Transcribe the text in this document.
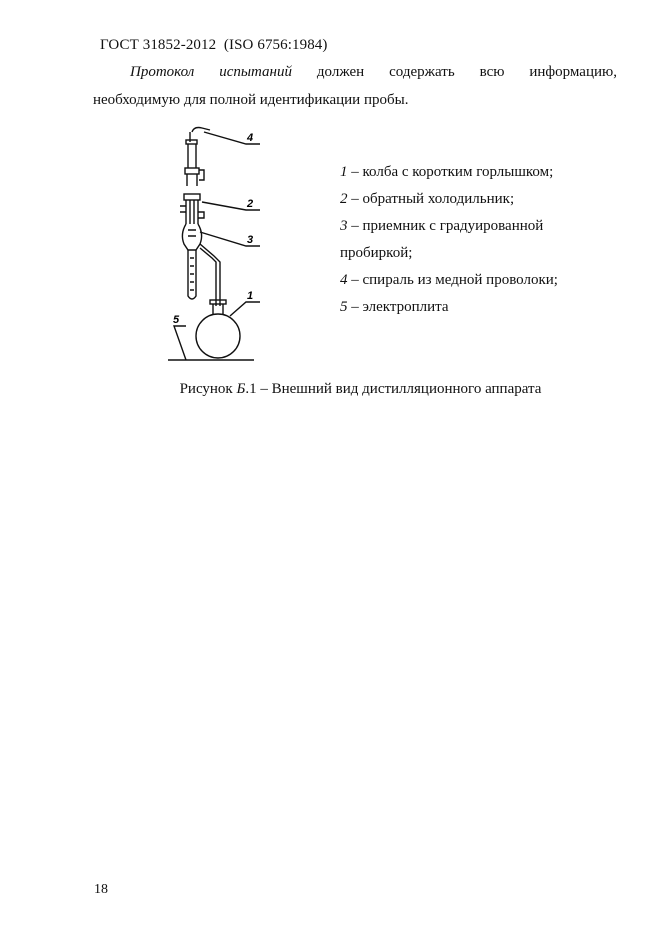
ГОСТ 31852-2012  (ISO 6756:1984)
Протокол испытаний должен содержать всю информацию,
необходимую для полной идентификации пробы.
4
2
3
1
5
1 – колба с коротким горлышком;
2 – обратный холодильник;
3 – приемник с градуированной
пробиркой;
4 – спираль из медной проволоки;
5 – электроплита
Рисунок Б.1 – Внешний вид дистилляционного аппарата
18
